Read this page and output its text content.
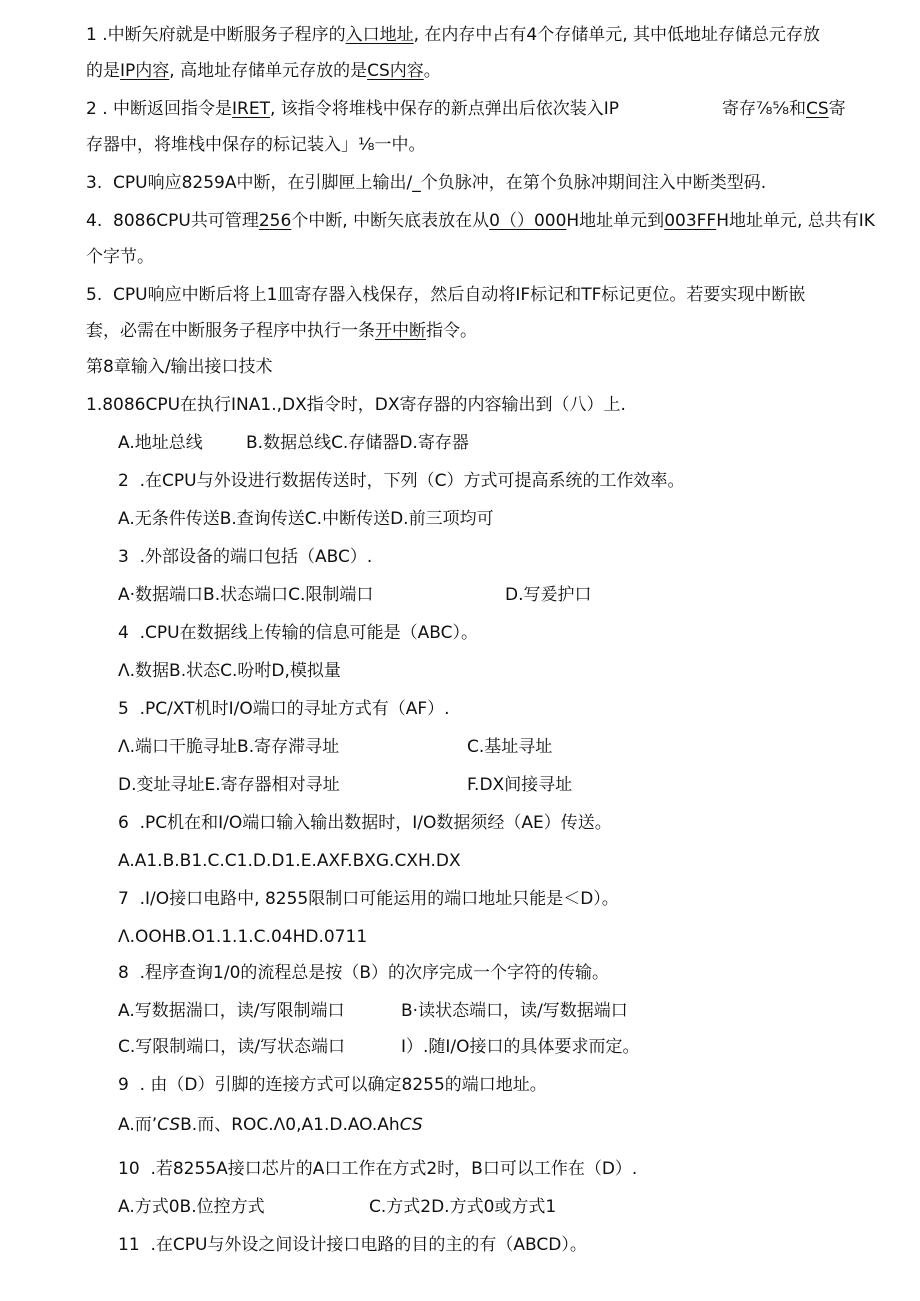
1 .中断矢府就是中断服务子程序的入口地址, 在内存中占有4个存储单元, 其中低地址存储总元存放
的是IP内容, 高地址存储单元存放的是CS内容。
2 . 中断返回指令是IRET, 该指令将堆栈中保存的新点弹出后依次装入IP	寄存⅞⅝和CS寄
存器中，将堆栈中保存的标记装入」⅛一中。
3.  CPU响应8259A中断，在引脚匣上输出/_个负脉冲，在第个负脉冲期间注入中断类型码.
4.  8086CPU共可管理256个中断, 中断矢底表放在从0（）000H地址单元到003FFH地址单元, 总共有IK
个字节。
5.  CPU响应中断后将上1皿寄存器入栈保存，然后自动将IF标记和TF标记更位。若要实现中断嵌
套，必需在中断服务子程序中执行一条开中断指令。
第8章输入/输出接口技术
1.8086CPU在执行INA1.,DX指令时，DX寄存器的内容输出到（八）上.
A.地址总线	B.数据总线C.存储器D.寄存器
2  .在CPU与外设进行数据传送时，下列（C）方式可提高系统的工作效率。
A.无条件传送B.查询传送C.中断传送D.前三项均可
3  .外部设备的端口包括（ABC）.
A·数据端口B.状态端口C.限制端口	D.写爰护口
4  .CPU在数据线上传输的信息可能是（ABC）。
Λ.数据B.状态C.吩咐D,模拟量
5  .PC/XT机时I/O端口的寻址方式有（AF）.
Λ.端口干脆寻址B.寄存滞寻址	C.基址寻址
D.变址寻址E.寄存器相对寻址	F.DX间接寻址
6  .PC机在和I/O端口输入输出数据时，I/O数据须经（AE）传送。
A.A1.B.B1.C.C1.D.D1.E.AXF.BXG.CXH.DX
7  .I/O接口电路中, 8255限制口可能运用的端口地址只能是＜D）。
Λ.OOHB.O1.1.1.C.04HD.0711
8  .程序查询1/0的流程总是按（B）的次序完成一个字符的传输。
A.写数据湍口，读/写限制端口	B·读状态端口，读/写数据端口
C.写限制端口，读/写状态端口	I）.随I/O接口的具体要求而定。
9  . 由（D）引脚的连接方式可以确定8255的端口地址。
A.而’CSB.而、ROC.Λ0,A1.D.AO.AhCS
10  .若8255A接口芯片的A口工作在方式2时，B口可以工作在（D）.
A.方式0B.位控方式	C.方式2D.方式0或方式1
11  .在CPU与外设之间设计接口电路的目的主的有（ABCD）。
